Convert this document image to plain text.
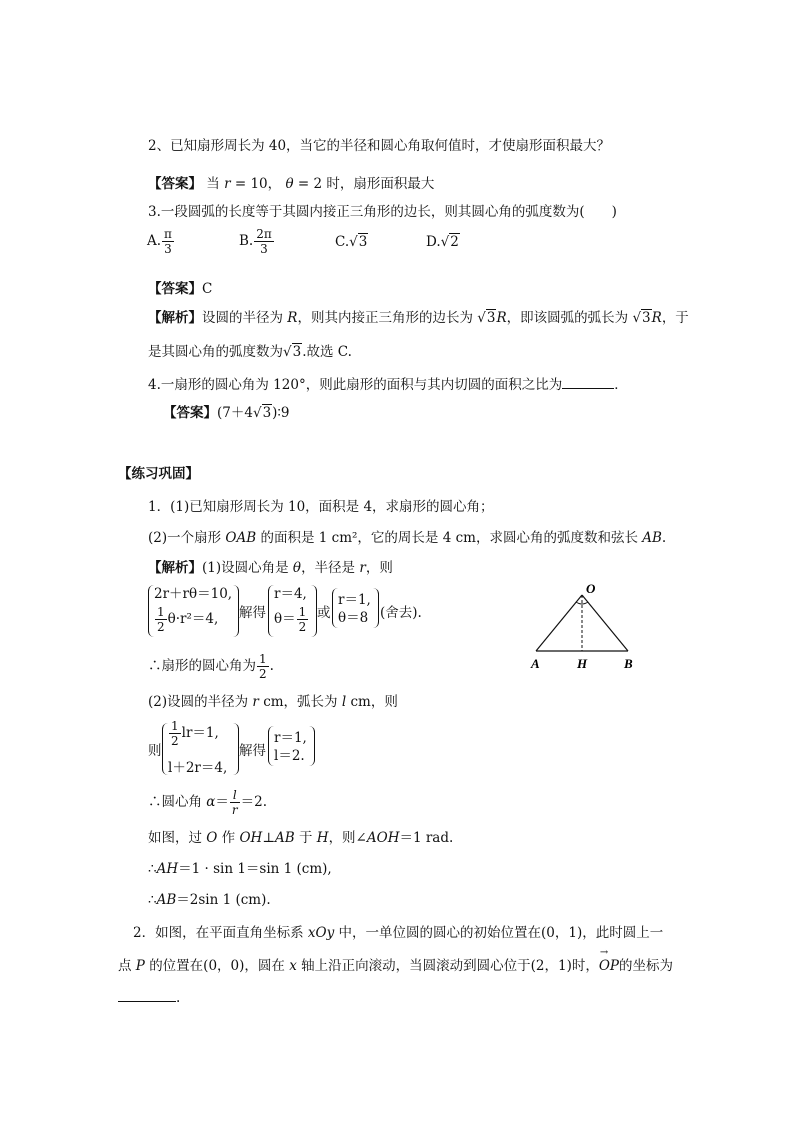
2、已知扇形周长为 40，当它的半径和圆心角取何值时，才使扇形面积最大？
【答案】 当 r = 10， θ = 2 时，扇形面积最大
3.一段圆弧的长度等于其圆内接正三角形的边长，则其圆心角的弧度数为(　　)
A. $\frac{\pi}{3}$	B. $\frac{2\pi}{3}$	C.√3	D.√2
【答案】C
【解析】设圆的半径为 R，则其内接正三角形的边长为 √3R，即该圆弧的弧长为 √3R，于
是其圆心角的弧度数为√3.故选 C.
4.一扇形的圆心角为 120°，则此扇形的面积与其内切圆的面积之比为	．
【答案】(7＋4√3)∶9
【练习巩固】
1．(1)已知扇形周长为 10，面积是 4，求扇形的圆心角；
(2)一个扇形 OAB 的面积是 1 cm²，它的周长是 4 cm，求圆心角的弧度数和弦长 AB.
【解析】(1)设圆心角是 θ，半径是 r，则
2r＋rθ＝10,
$\frac{1}{2} \theta\cdot r^2=4$, 解得
r＝4,
$\theta= \frac{1}{2}$ 或
r＝1,
θ＝8 (舍去).
∴扇形的圆心角为 $\frac{1}{2}$ .
(2)设圆的半径为 r cm，弧长为 l cm，则
则
$\frac{1}{2} lr=1$,
l＋2r＝4,
解得
r＝1,
l＝2.
∴圆心角 $\alpha= \frac{l}{r} =2$.
如图，过 O 作 OH⊥AB 于 H，则∠AOH＝1 rad.
∴AH＝1 · sin 1＝sin 1 (cm),
∴AB＝2sin 1 (cm).
O
A	H	B
2．如图，在平面直角坐标系 xOy 中，一单位圆的圆心的初始位置在(0，1)，此时圆上一
点 P 的位置在(0，0)，圆在 x 轴上沿正向滚动，当圆滚动到圆心位于(2，1)时，→ OP的坐标为
.
